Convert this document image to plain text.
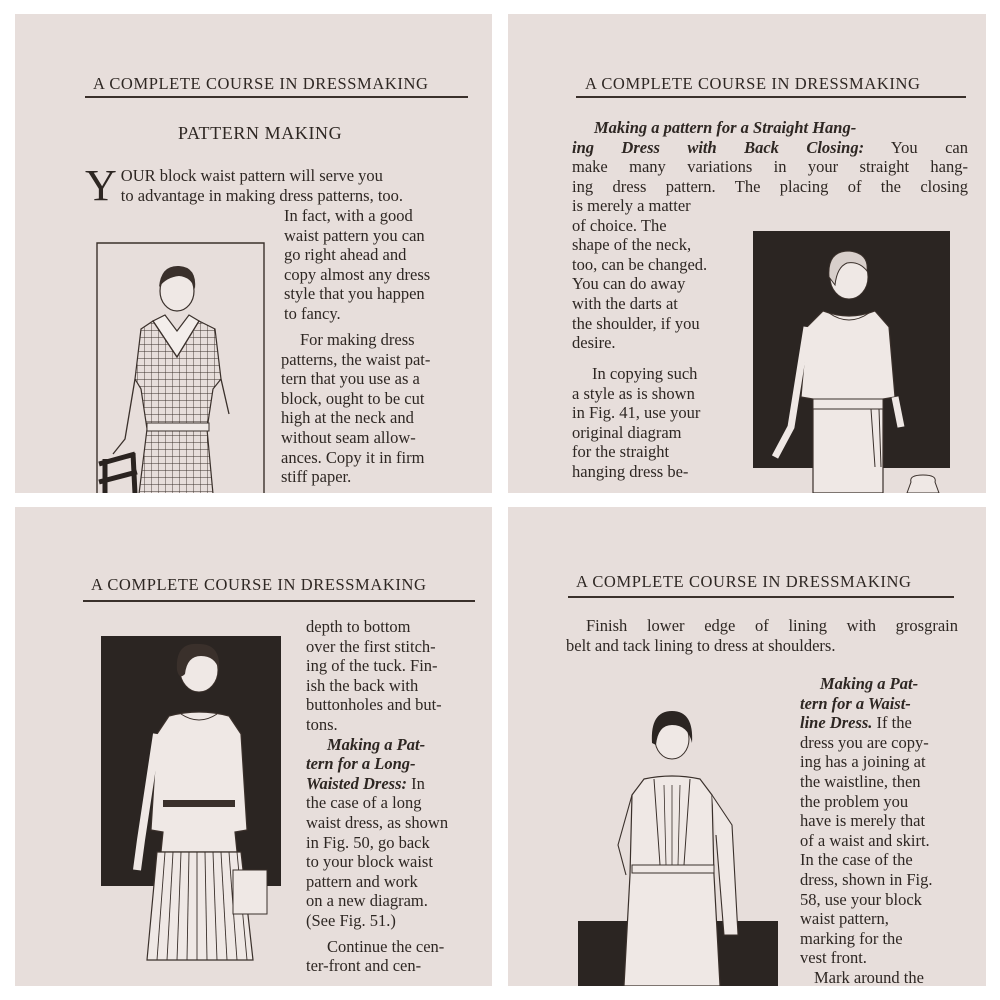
A COMPLETE COURSE IN DRESSMAKING
PATTERN MAKING
Y OUR block waist pattern will serve you
to advantage in making dress patterns, too.
In fact, with a good
waist pattern you can
go right ahead and
copy almost any dress
style that you happen
to fancy.
For making dress
patterns, the waist pat-
tern that you use as a
block, ought to be cut
high at the neck and
without seam allow-
ances. Copy it in firm
stiff paper.
A COMPLETE COURSE IN DRESSMAKING
Making a pattern for a Straight Hang-
ing Dress with Back Closing: You can
make many variations in your straight hang-
ing dress pattern. The placing of the closing
is merely a matter
of choice. The
shape of the neck,
too, can be changed.
You can do away
with the darts at
the shoulder, if you
desire.
In copying such
a style as is shown
in Fig. 41, use your
original diagram
for the straight
hanging dress be-
A COMPLETE COURSE IN DRESSMAKING
depth to bottom
over the first stitch-
ing of the tuck. Fin-
ish the back with
buttonholes and but-
tons.
Making a Pat-
tern for a Long-
Waisted Dress: In
the case of a long
waist dress, as shown
in Fig. 50, go back
to your block waist
pattern and work
on a new diagram.
(See Fig. 51.)
Continue the cen-
ter-front and cen-
A COMPLETE COURSE IN DRESSMAKING
Finish lower edge of lining with grosgrain
belt and tack lining to dress at shoulders.
Making a Pat-
tern for a Waist-
line Dress. If the
dress you are copy-
ing has a joining at
the waistline, then
the problem you
have is merely that
of a waist and skirt.
In the case of the
dress, shown in Fig.
58, use your block
waist pattern,
marking for the
vest front.
Mark around the
